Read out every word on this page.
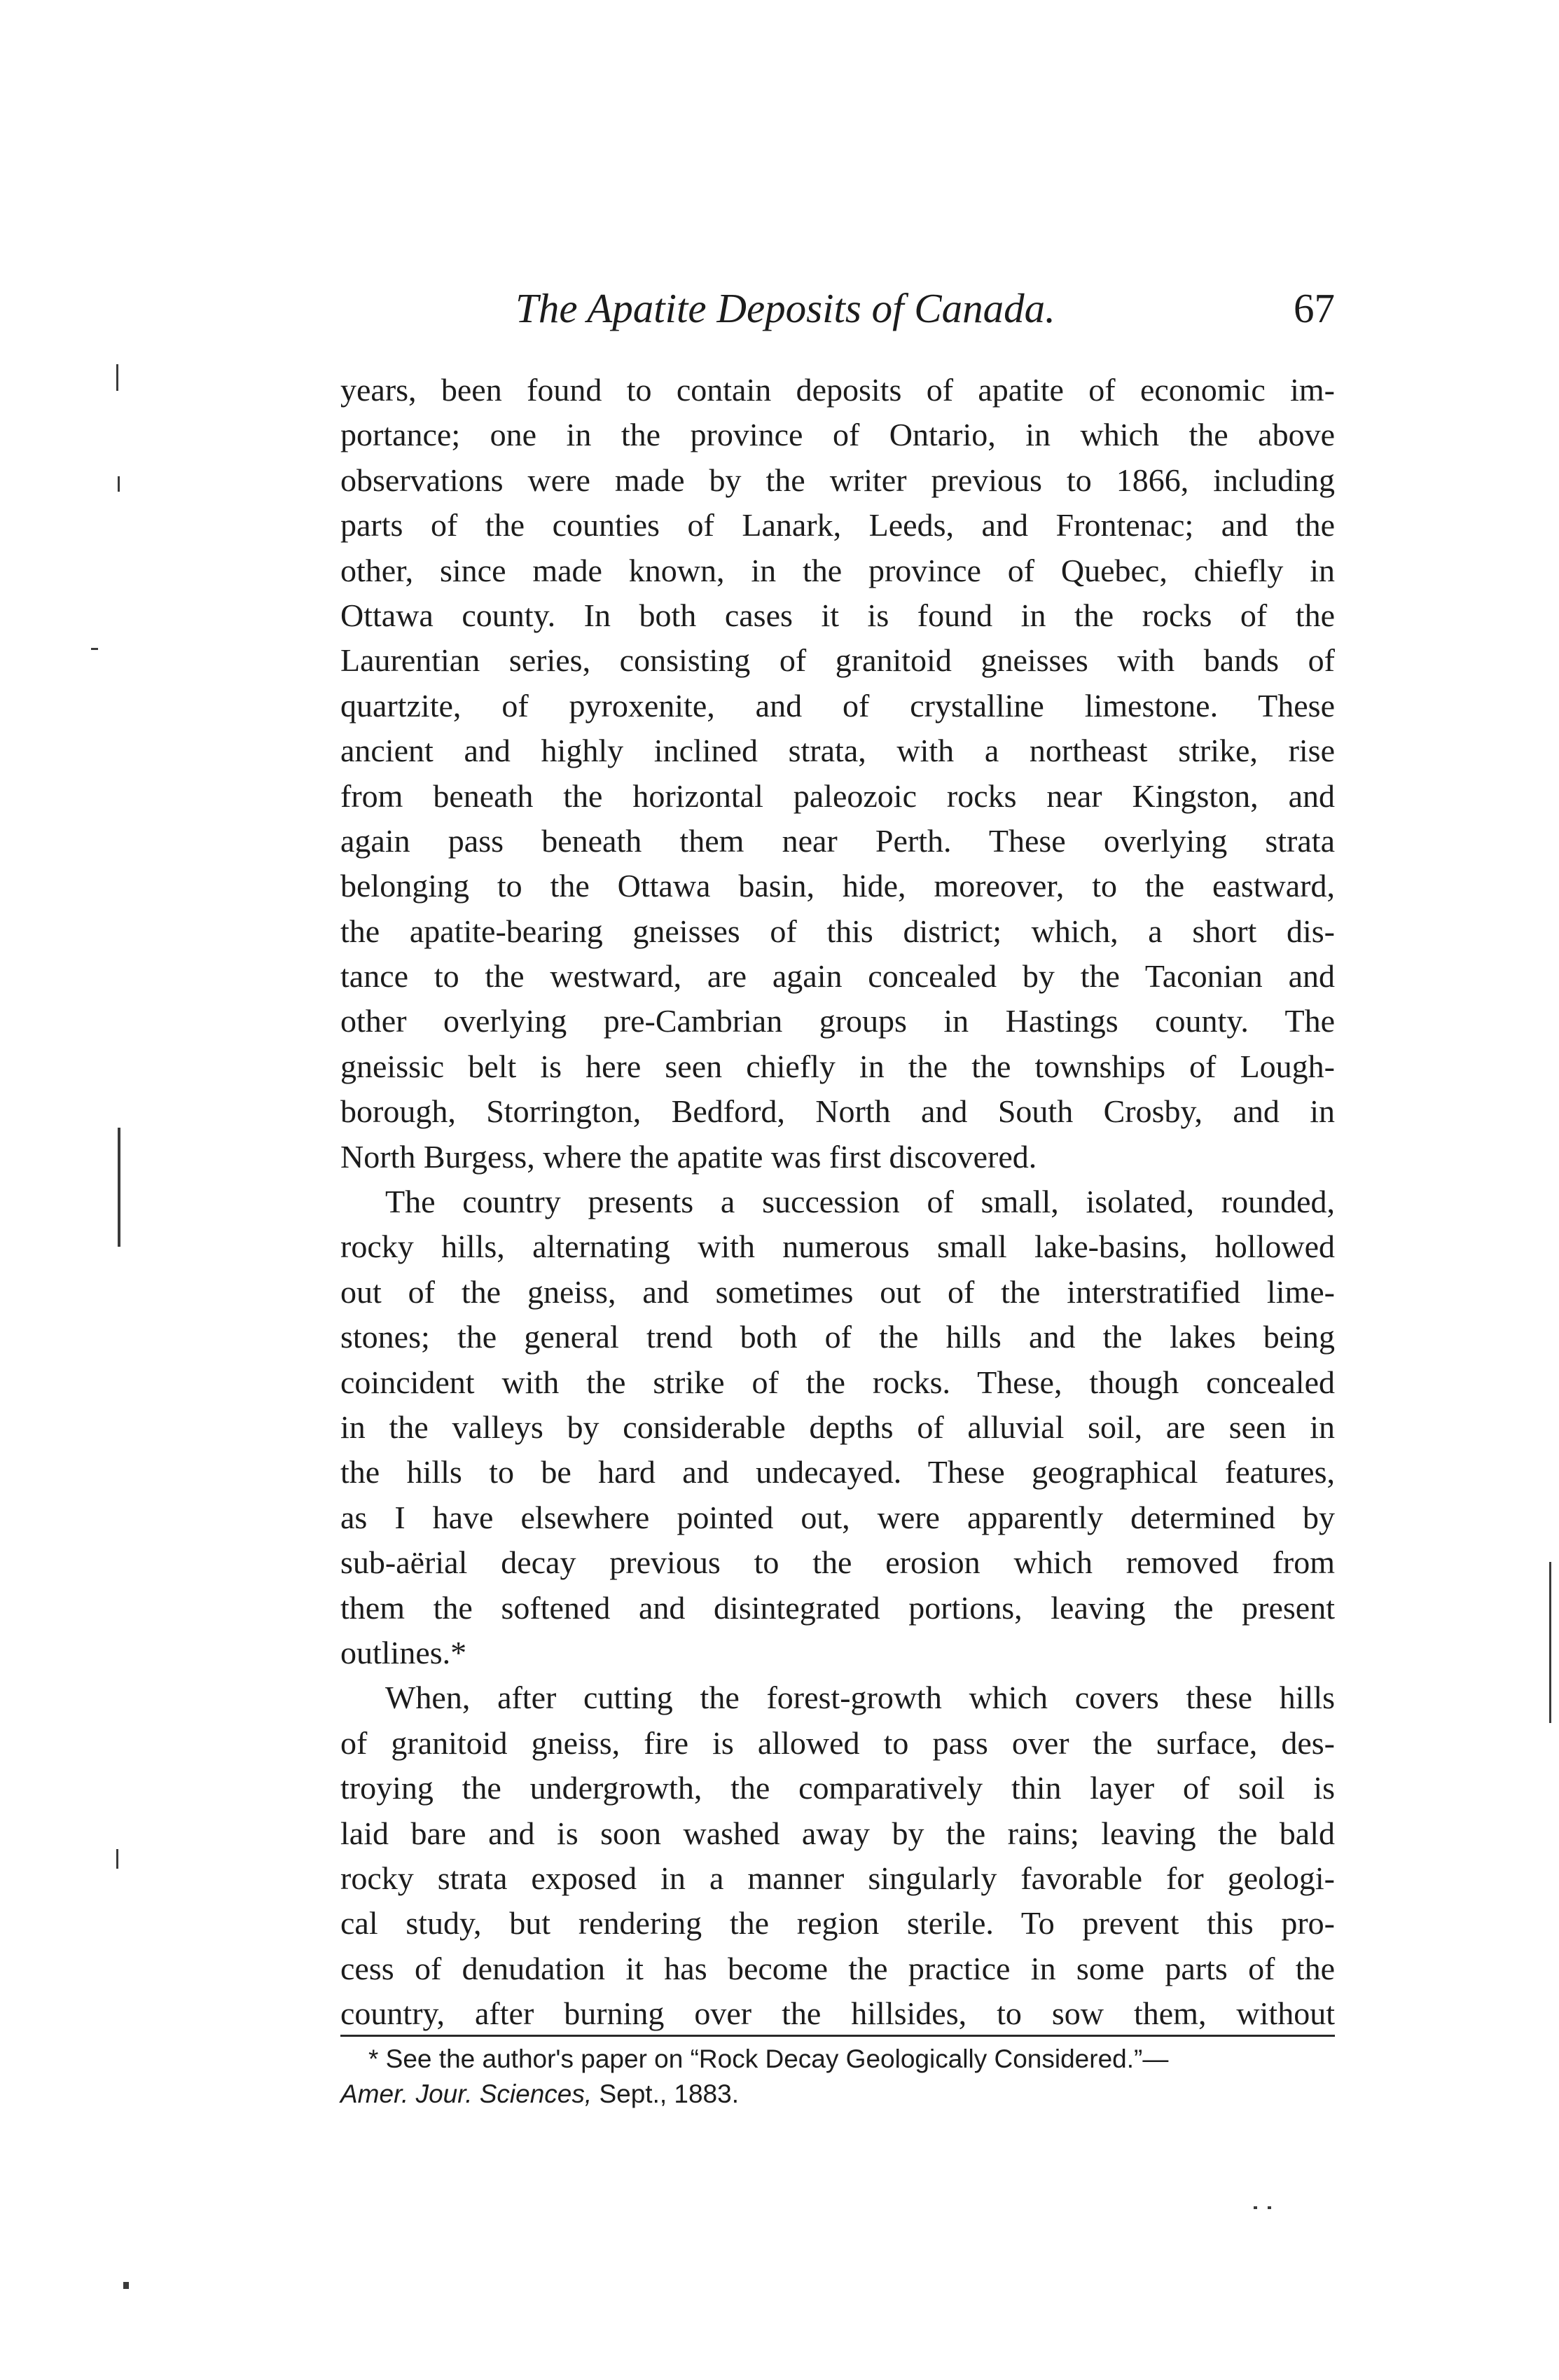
The Apatite Deposits of Canada.	67
years, been found to contain deposits of apatite of economic im-
portance; one in the province of Ontario, in which the above
observations were made by the writer previous to 1866, including
parts of the counties of Lanark, Leeds, and Frontenac; and the
other, since made known, in the province of Quebec, chiefly in
Ottawa county. In both cases it is found in the rocks of the
Laurentian series, consisting of granitoid gneisses with bands of
quartzite, of pyroxenite, and of crystalline limestone. These
ancient and highly inclined strata, with a northeast strike, rise
from beneath the horizontal paleozoic rocks near Kingston, and
again pass beneath them near Perth. These overlying strata
belonging to the Ottawa basin, hide, moreover, to the eastward,
the apatite-bearing gneisses of this district; which, a short dis-
tance to the westward, are again concealed by the Taconian and
other overlying pre-Cambrian groups in Hastings county. The
gneissic belt is here seen chiefly in the the townships of Lough-
borough, Storrington, Bedford, North and South Crosby, and in
North Burgess, where the apatite was first discovered.
The country presents a succession of small, isolated, rounded,
rocky hills, alternating with numerous small lake-basins, hollowed
out of the gneiss, and sometimes out of the interstratified lime-
stones; the general trend both of the hills and the lakes being
coincident with the strike of the rocks. These, though concealed
in the valleys by considerable depths of alluvial soil, are seen in
the hills to be hard and undecayed. These geographical features,
as I have elsewhere pointed out, were apparently determined by
sub-aërial decay previous to the erosion which removed from
them the softened and disintegrated portions, leaving the present
outlines.*
When, after cutting the forest-growth which covers these hills
of granitoid gneiss, fire is allowed to pass over the surface, des-
troying the undergrowth, the comparatively thin layer of soil is
laid bare and is soon washed away by the rains; leaving the bald
rocky strata exposed in a manner singularly favorable for geologi-
cal study, but rendering the region sterile. To prevent this pro-
cess of denudation it has become the practice in some parts of the
country, after burning over the hillsides, to sow them, without
* See the author's paper on “Rock Decay Geologically Considered.”—
Amer. Jour. Sciences, Sept., 1883.
